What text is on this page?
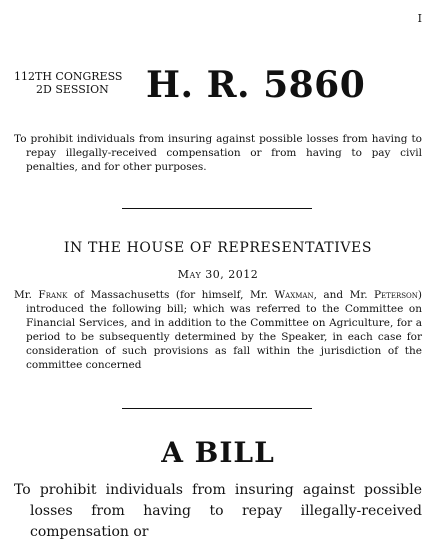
I
112TH CONGRESS
2D SESSION	H. R. 5860
To prohibit individuals from insuring against possible losses from having to repay illegally-received compensation or from having to pay civil penalties, and for other purposes.
IN THE HOUSE OF REPRESENTATIVES
May 30, 2012
Mr. Frank of Massachusetts (for himself, Mr. Waxman, and Mr. Peterson) introduced the following bill; which was referred to the Committee on Financial Services, and in addition to the Committee on Agriculture, for a period to be subsequently determined by the Speaker, in each case for consideration of such provisions as fall within the jurisdiction of the committee concerned
A BILL
To prohibit individuals from insuring against possible losses from having to repay illegally-received compensation or
